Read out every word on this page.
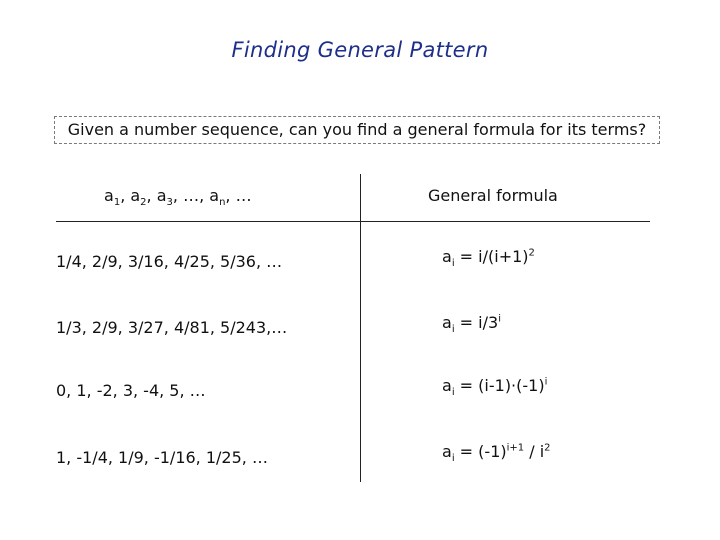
Finding General Pattern
Given a number sequence, can you find a general formula for its terms?
$a_1$, $a_2$, $a_3$, …, $a_n$, …	General formula
1/4, 2/9, 3/16, 4/25, 5/36, …	$a_i = i/(i+1)^2$
1/3, 2/9, 3/27, 4/81, 5/243,…	$a_i = i/3^i$
0, 1, -2, 3, -4, 5, …	$a_i = (i-1)\cdot(-1)^i$
1, -1/4, 1/9, -1/16, 1/25, …	$a_i = (-1)^{i+1} / i^2$
